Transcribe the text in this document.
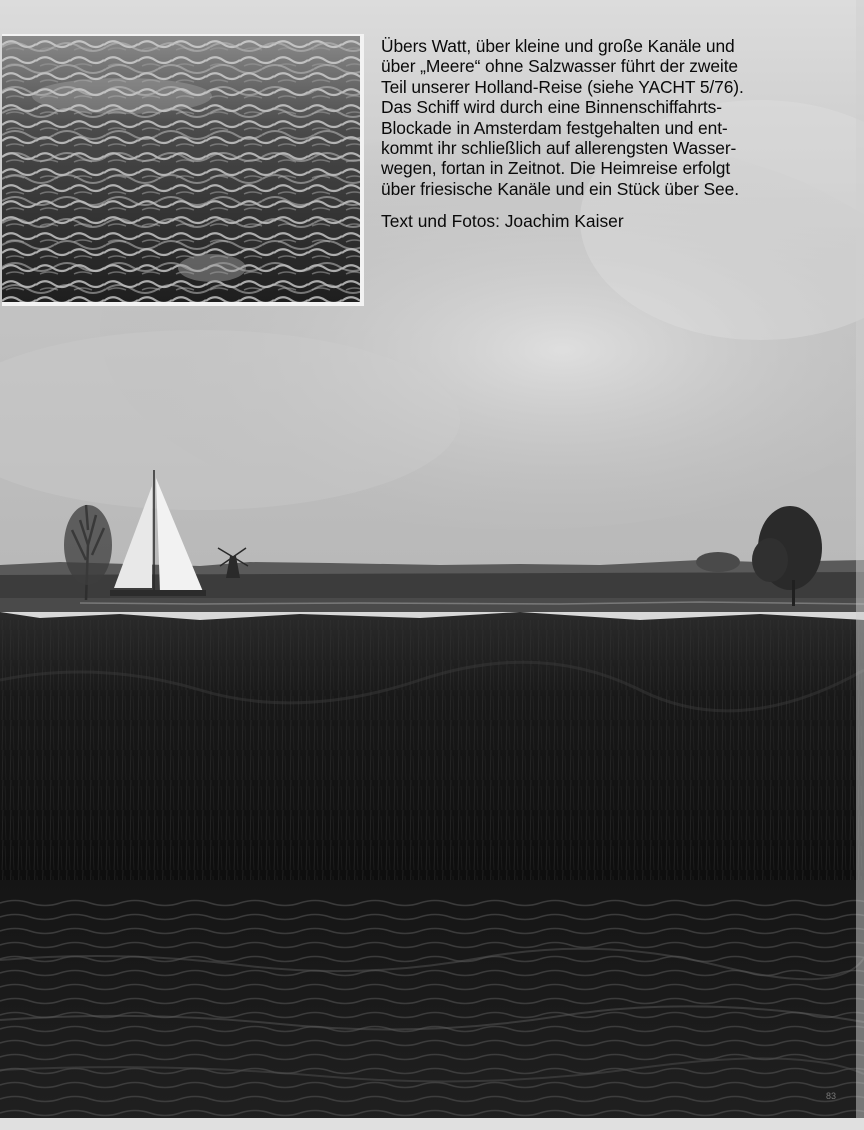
Übers Watt, über kleine und große Kanäle und
über „Meere“ ohne Salzwasser führt der zweite
Teil unserer Holland-Reise (siehe YACHT 5/76).
Das Schiff wird durch eine Binnenschiffahrts-
Blockade in Amsterdam festgehalten und ent-
kommt ihr schließlich auf allerengsten Wasser-
wegen, fortan in Zeitnot. Die Heimreise erfolgt
über friesische Kanäle und ein Stück über See.

Text und Fotos: Joachim Kaiser

83
